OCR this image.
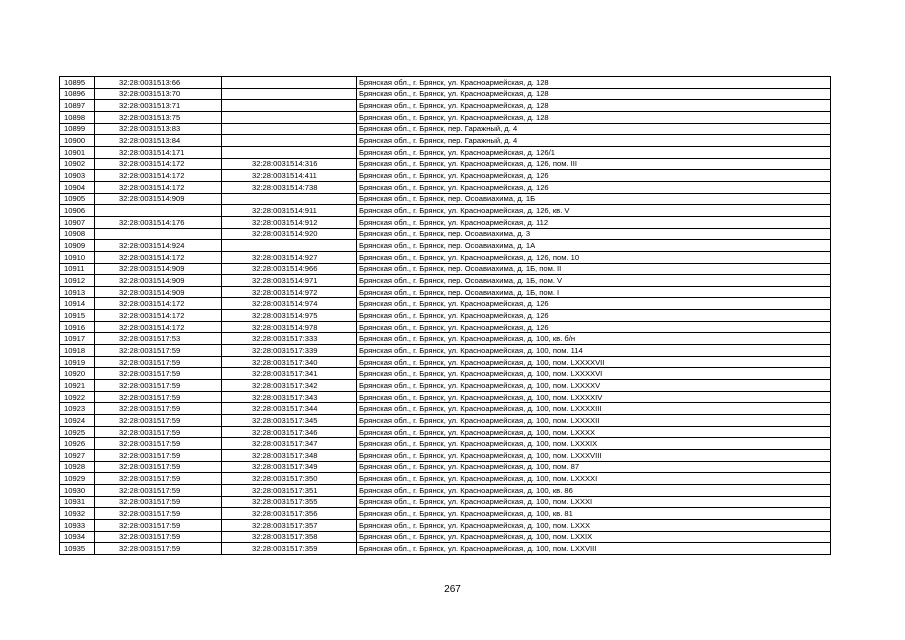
10895	32:28:0031513:66		Брянская обл., г. Брянск, ул. Красноармейская, д. 128
10896	32:28:0031513:70		Брянская обл., г. Брянск, ул. Красноармейская, д. 128
10897	32:28:0031513:71		Брянская обл., г. Брянск, ул. Красноармейская, д. 128
10898	32:28:0031513:75		Брянская обл., г. Брянск, ул. Красноармейская, д. 128
10899	32:28:0031513:83		Брянская обл., г. Брянск, пер. Гаражный, д. 4
10900	32:28:0031513:84		Брянская обл., г. Брянск, пер. Гаражный, д. 4
10901	32:28:0031514:171		Брянская обл., г. Брянск, ул. Красноармейская, д. 126/1
10902	32:28:0031514:172	32:28:0031514:316	Брянская обл., г. Брянск, ул. Красноармейская, д. 126, пом. III
10903	32:28:0031514:172	32:28:0031514:411	Брянская обл., г. Брянск, ул. Красноармейская, д. 126
10904	32:28:0031514:172	32:28:0031514:738	Брянская обл., г. Брянск, ул. Красноармейская, д. 126
10905	32:28:0031514:909		Брянская обл., г. Брянск, пер. Осоавиахима, д. 1Б
10906		32:28:0031514:911	Брянская обл., г. Брянск, ул. Красноармейская, д. 126, кв. V
10907	32:28:0031514:176	32:28:0031514:912	Брянская обл., г. Брянск, ул. Красноармейская, д. 112
10908		32:28:0031514:920	Брянская обл., г. Брянск, пер. Осоавиахима, д. 3
10909	32:28:0031514:924		Брянская обл., г. Брянск, пер. Осоавиахима, д. 1А
10910	32:28:0031514:172	32:28:0031514:927	Брянская обл., г. Брянск, ул. Красноармейская, д. 126, пом. 10
10911	32:28:0031514:909	32:28:0031514:966	Брянская обл., г. Брянск, пер. Осоавиахима, д. 1Б, пом. II
10912	32:28:0031514:909	32:28:0031514:971	Брянская обл., г. Брянск, пер. Осоавиахима, д. 1Б, пом. V
10913	32:28:0031514:909	32:28:0031514:972	Брянская обл., г. Брянск, пер. Осоавиахима, д. 1Б, пом. I
10914	32:28:0031514:172	32:28:0031514:974	Брянская обл., г. Брянск, ул. Красноармейская, д. 126
10915	32:28:0031514:172	32:28:0031514:975	Брянская обл., г. Брянск, ул. Красноармейская, д. 126
10916	32:28:0031514:172	32:28:0031514:978	Брянская обл., г. Брянск, ул. Красноармейская, д. 126
10917	32:28:0031517:53	32:28:0031517:333	Брянская обл., г. Брянск, ул. Красноармейская, д. 100, кв. б/н
10918	32:28:0031517:59	32:28:0031517:339	Брянская обл., г. Брянск, ул. Красноармейская, д. 100, пом. 114
10919	32:28:0031517:59	32:28:0031517:340	Брянская обл., г. Брянск, ул. Красноармейская, д. 100, пом. LXXXXVII
10920	32:28:0031517:59	32:28:0031517:341	Брянская обл., г. Брянск, ул. Красноармейская, д. 100, пом. LXXXXVI
10921	32:28:0031517:59	32:28:0031517:342	Брянская обл., г. Брянск, ул. Красноармейская, д. 100, пом. LXXXXV
10922	32:28:0031517:59	32:28:0031517:343	Брянская обл., г. Брянск, ул. Красноармейская, д. 100, пом. LXXXXIV
10923	32:28:0031517:59	32:28:0031517:344	Брянская обл., г. Брянск, ул. Красноармейская, д. 100, пом. LXXXXIII
10924	32:28:0031517:59	32:28:0031517:345	Брянская обл., г. Брянск, ул. Красноармейская, д. 100, пом. LXXXXII
10925	32:28:0031517:59	32:28:0031517:346	Брянская обл., г. Брянск, ул. Красноармейская, д. 100, пом. LXXXX
10926	32:28:0031517:59	32:28:0031517:347	Брянская обл., г. Брянск, ул. Красноармейская, д. 100, пом. LXXXIX
10927	32:28:0031517:59	32:28:0031517:348	Брянская обл., г. Брянск, ул. Красноармейская, д. 100, пом. LXXXVIII
10928	32:28:0031517:59	32:28:0031517:349	Брянская обл., г. Брянск, ул. Красноармейская, д. 100, пом. 87
10929	32:28:0031517:59	32:28:0031517:350	Брянская обл., г. Брянск, ул. Красноармейская, д. 100, пом. LXXXXI
10930	32:28:0031517:59	32:28:0031517:351	Брянская обл., г. Брянск, ул. Красноармейская, д. 100, кв. 86
10931	32:28:0031517:59	32:28:0031517:355	Брянская обл., г. Брянск, ул. Красноармейская, д. 100, пом. LXXXI
10932	32:28:0031517:59	32:28:0031517:356	Брянская обл., г. Брянск, ул. Красноармейская, д. 100, кв. 81
10933	32:28:0031517:59	32:28:0031517:357	Брянская обл., г. Брянск, ул. Красноармейская, д. 100, пом. LXXX
10934	32:28:0031517:59	32:28:0031517:358	Брянская обл., г. Брянск, ул. Красноармейская, д. 100, пом. LXXIX
10935	32:28:0031517:59	32:28:0031517:359	Брянская обл., г. Брянск, ул. Красноармейская, д. 100, пом. LXXVIII
267
